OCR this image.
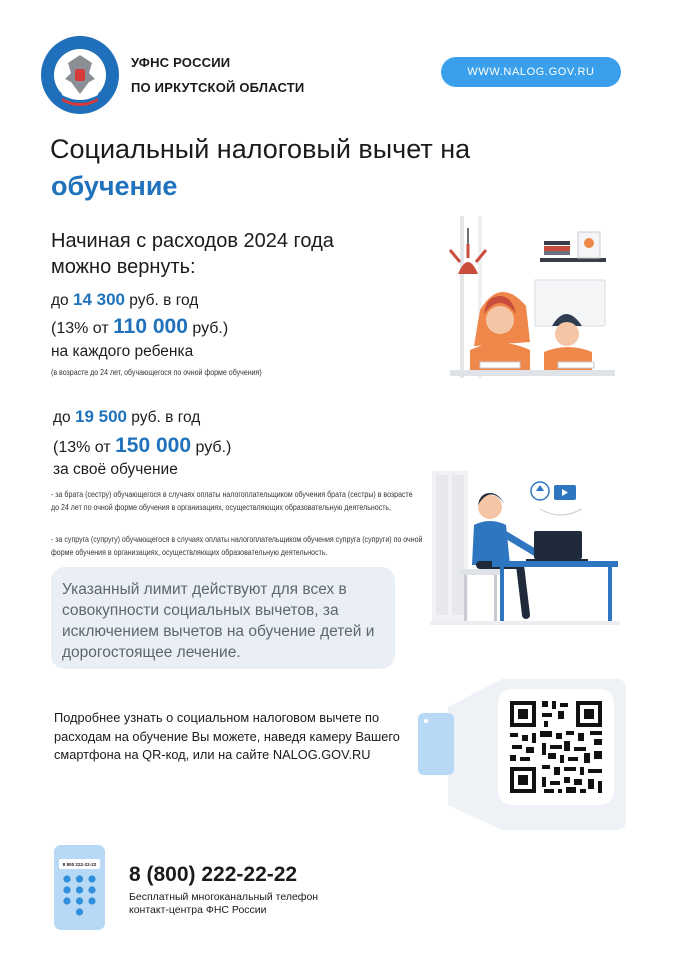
УФНС РОССИИ
ПО ИРКУТСКОЙ ОБЛАСТИ
WWW.NALOG.GOV.RU
Социальный налоговый вычет на
обучение
Начиная с расходов 2024 года
можно вернуть:
до 14 300 руб. в год
(13% от 110 000 руб.)
на каждого ребенка
(в возрасте до 24 лет, обучающегося по очной форме обучения)
до 19 500 руб. в год
(13% от 150 000 руб.)
за своё обучение
- за брата (сестру) обучающегося в случаях оплаты налогоплательщиком обучения брата (сестры) в возрасте до 24 лет по очной форме обучения в организациях, осуществляющих образовательную деятельность,
- за супруга (супругу) обучающегося в случаях оплаты налогоплательщиком обучения супруга (супруги) по очной форме обучения в организациях, осуществляющих образовательную деятельность.
Указанный лимит действуют для всех в совокупности социальных вычетов, за исключением вычетов на обучение детей и дорогостоящее лечение.
Подробнее узнать о социальном налоговом вычете по расходам на обучение Вы можете, наведя камеру Вашего смартфона на QR-код, или на сайте NALOG.GOV.RU
8 800 222-22-22 8 (800) 222-22-22
Бесплатный многоканальный телефон
контакт-центра ФНС России
